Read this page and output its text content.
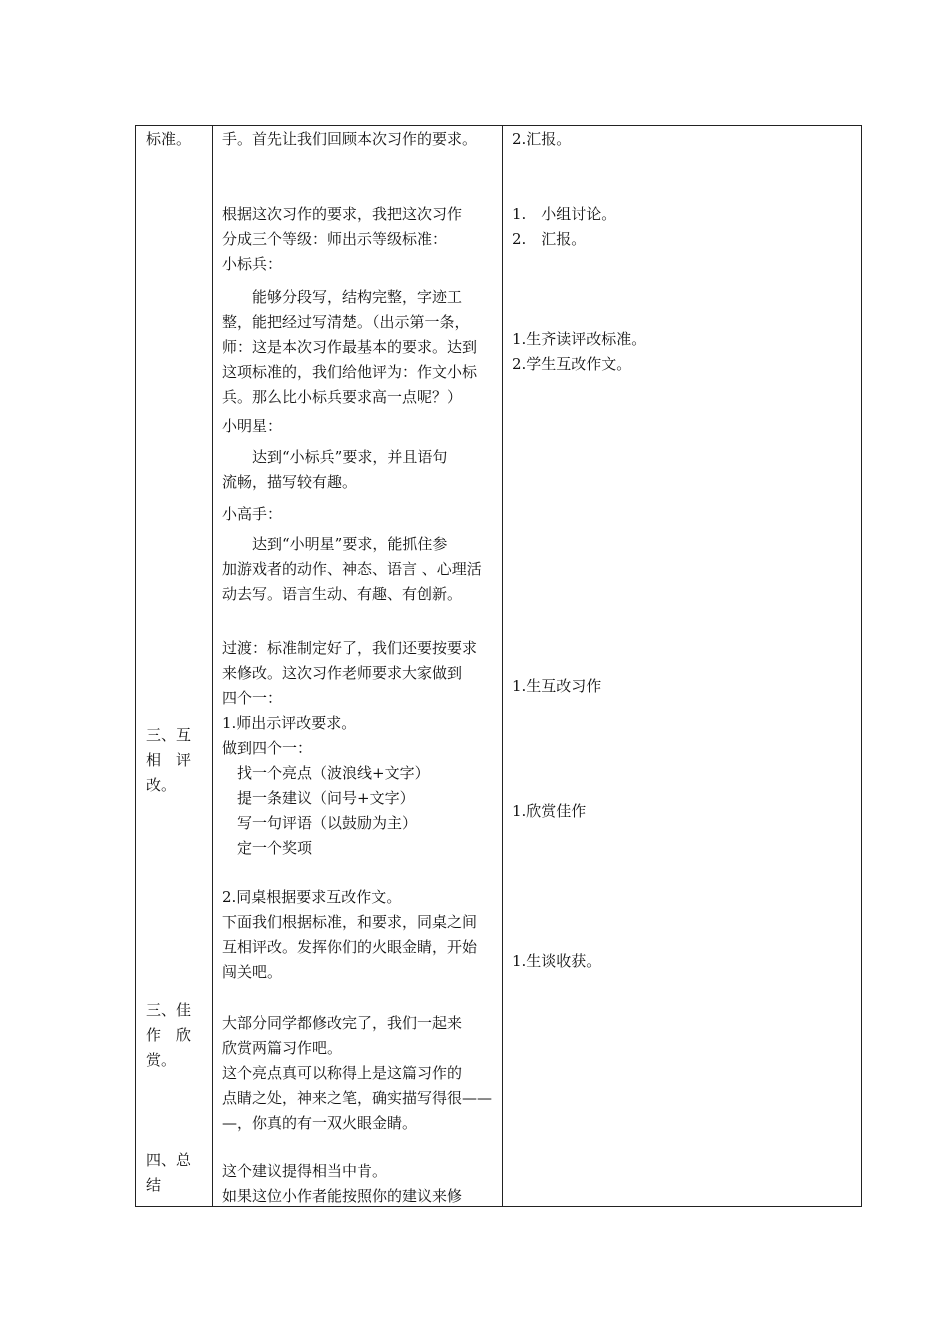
标准。
三、互
相　评
改。
三、佳
作　欣
赏。
四、总
结
手。首先让我们回顾本次习作的要求。
根据这次习作的要求，我把这次习作
分成三个等级：师出示等级标准：
小标兵：
　　能够分段写，结构完整，字迹工
整，能把经过写清楚。（出示第一条，
师：这是本次习作最基本的要求。达到
这项标准的，我们给他评为：作文小标
兵。那么比小标兵要求高一点呢？）
小明星：
　　达到“小标兵”要求，并且语句
流畅，描写较有趣。
小高手：
　　达到“小明星”要求，能抓住参
加游戏者的动作、神态、语言 、心理活
动去写。语言生动、有趣、有创新。
过渡：标准制定好了，我们还要按要求
来修改。这次习作老师要求大家做到
四个一：
1.师出示评改要求。
做到四个一：
　找一个亮点（波浪线+文字）
　提一条建议（问号+文字）
　写一句评语（以鼓励为主）
　定一个奖项
2.同桌根据要求互改作文。
下面我们根据标准，和要求，同桌之间
互相评改。发挥你们的火眼金睛，开始
闯关吧。
大部分同学都修改完了，我们一起来
欣赏两篇习作吧。
这个亮点真可以称得上是这篇习作的
点睛之处，神来之笔，确实描写得很——
—，你真的有一双火眼金睛。
这个建议提得相当中肯。
如果这位小作者能按照你的建议来修
2.汇报。
1.　小组讨论。
2.　汇报。
1.生齐读评改标准。
2.学生互改作文。
1.生互改习作
1.欣赏佳作
1.生谈收获。
